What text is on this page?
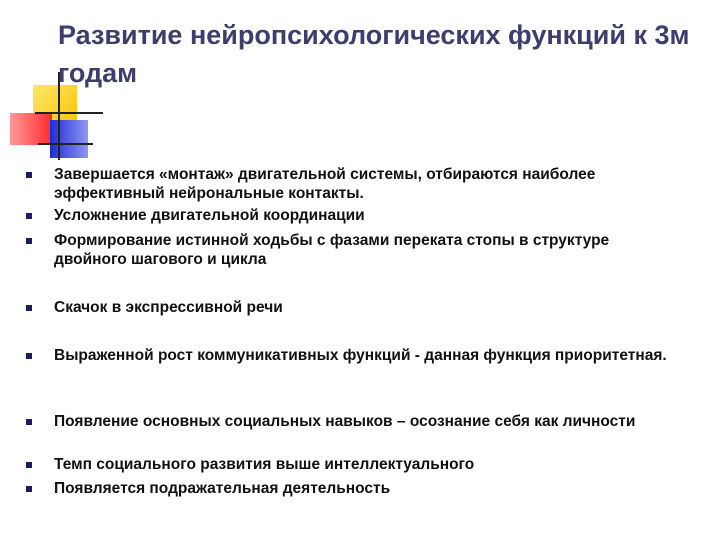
Развитие нейропсихологических функций к 3м годам
Завершается «монтаж» двигательной системы, отбираются наиболее эффективный нейрональные контакты.
Усложнение двигательной координации
Формирование истинной ходьбы с фазами переката стопы в структуре двойного шагового и цикла
Скачок в экспрессивной речи
Выраженной рост коммуникативных функций - данная функция приоритетная.
Появление основных социальных навыков – осознание себя как личности
Темп социального развития выше интеллектуального
Появляется подражательная деятельность
